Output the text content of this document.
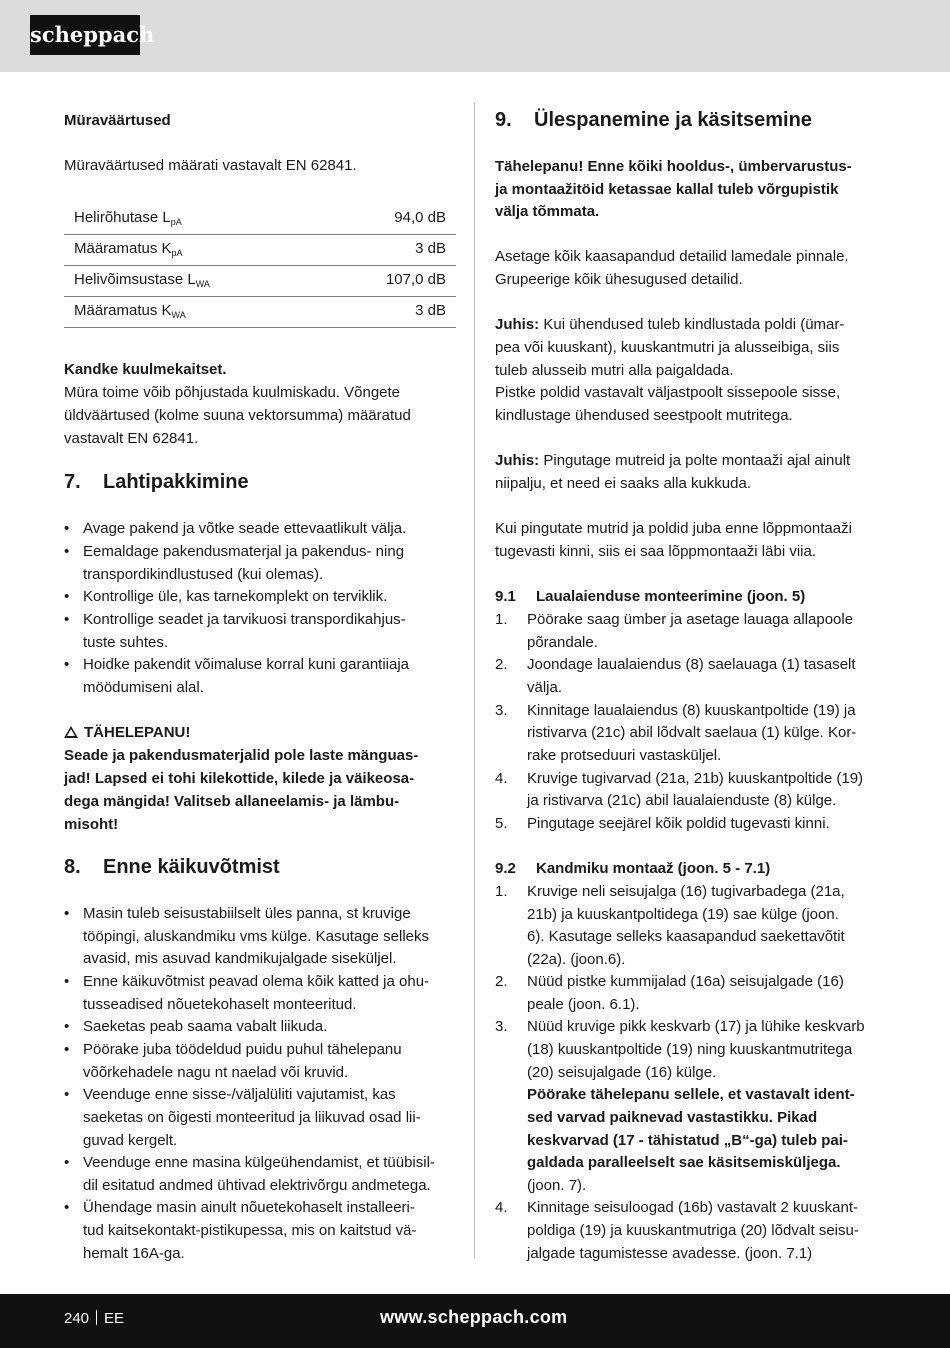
scheppach
Müraväärtused
Müraväärtused määrati vastavalt EN 62841.
Helirõhutase $L_{pA}$	94,0 dB
Määramatus $K_{pA}$	3 dB
Helivõimsustase $L_{WA}$	107,0 dB
Määramatus $K_{WA}$	3 dB
Kandke kuulmekaitset.
Müra toime võib põhjustada kuulmiskadu. Võngete
üldväärtused (kolme suuna vektorsumma) määratud
vastavalt EN 62841.
7. Lahtipakkimine
• Avage pakend ja võtke seade ettevaatlikult välja.
• Eemaldage pakendusmaterjal ja pakendus- ning
transpordikindlustused (kui olemas).
• Kontrollige üle, kas tarnekomplekt on terviklik.
• Kontrollige seadet ja tarvikuosi transpordikahjus-
tuste suhtes.
• Hoidke pakendit võimaluse korral kuni garantiiaja
möödumiseni alal.
TÄHELEPANU!
Seade ja pakendusmaterjalid pole laste mänguas-
jad! Lapsed ei tohi kilekottide, kilede ja väikeosa-
dega mängida! Valitseb allaneelamis- ja lämbu-
misoht!
8. Enne käikuvõtmist
• Masin tuleb seisustabiilselt üles panna, st kruvige
tööpingi, aluskandmiku vms külge. Kasutage selleks
avasid, mis asuvad kandmikujalgade siseküljel.
• Enne käikuvõtmist peavad olema kõik katted ja ohu-
tusseadised nõuetekohaselt monteeritud.
• Saeketas peab saama vabalt liikuda.
• Pöörake juba töödeldud puidu puhul tähelepanu
võõrkehadele nagu nt naelad või kruvid.
• Veenduge enne sisse-/väljalüliti vajutamist, kas
saeketas on õigesti monteeritud ja liikuvad osad lii-
guvad kergelt.
• Veenduge enne masina külgeühendamist, et tüübisil-
dil esitatud andmed ühtivad elektrivõrgu andmetega.
• Ühendage masin ainult nõuetekohaselt installeeri-
tud kaitsekontakt-pistikupessa, mis on kaitstud vä-
hemalt 16A-ga.
9. Ülespanemine ja käsitsemine
Tähelepanu! Enne kõiki hooldus-, ümbervarustus-
ja montaažitöid ketassae kallal tuleb võrgupistik
välja tõmmata.
Asetage kõik kaasapandud detailid lamedale pinnale.
Grupeerige kõik ühesugused detailid.
Juhis: Kui ühendused tuleb kindlustada poldi (ümar-
pea või kuuskant), kuuskantmutri ja alusseibiga, siis
tuleb alusseib mutri alla paigaldada.
Pistke poldid vastavalt väljastpoolt sissepoole sisse,
kindlustage ühendused seestpoolt mutritega.
Juhis: Pingutage mutreid ja polte montaaži ajal ainult
niipalju, et need ei saaks alla kukkuda.
Kui pingutate mutrid ja poldid juba enne lõppmontaaži
tugevasti kinni, siis ei saa lõppmontaaži läbi viia.
9.1 Laualaienduse monteerimine (joon. 5)
1. Pöörake saag ümber ja asetage lauaga allapoole
põrandale.
2. Joondage laualaiendus (8) saelauaga (1) tasaselt
välja.
3. Kinnitage laualaiendus (8) kuuskantpoltide (19) ja
ristivarva (21c) abil lõdvalt saelaua (1) külge. Kor-
rake protseduuri vastasküljel.
4. Kruvige tugivarvad (21a, 21b) kuuskantpoltide (19)
ja ristivarva (21c) abil laualaienduste (8) külge.
5. Pingutage seejärel kõik poldid tugevasti kinni.
9.2 Kandmiku montaaž (joon. 5 - 7.1)
1. Kruvige neli seisujalga (16) tugivarbadega (21a,
21b) ja kuuskantpoltidega (19) sae külge (joon.
6). Kasutage selleks kaasapandud saekettavõtit
(22a). (joon.6).
2. Nüüd pistke kummijalad (16a) seisujalgade (16)
peale (joon. 6.1).
3. Nüüd kruvige pikk keskvarb (17) ja lühike keskvarb
(18) kuuskantpoltide (19) ning kuuskantmutritega
(20) seisujalgade (16) külge.
Pöörake tähelepanu sellele, et vastavalt ident-
sed varvad paiknevad vastastikku. Pikad
keskvarvad (17 - tähistatud „B“-ga) tuleb pai-
galdada paralleelselt sae käsitsemisküljega.
(joon. 7).
4. Kinnitage seisuloogad (16b) vastavalt 2 kuuskant-
poldiga (19) ja kuuskantmutriga (20) lõdvalt seisu-
jalgade tagumistesse avadesse. (joon. 7.1)
240 EE	www.scheppach.com
